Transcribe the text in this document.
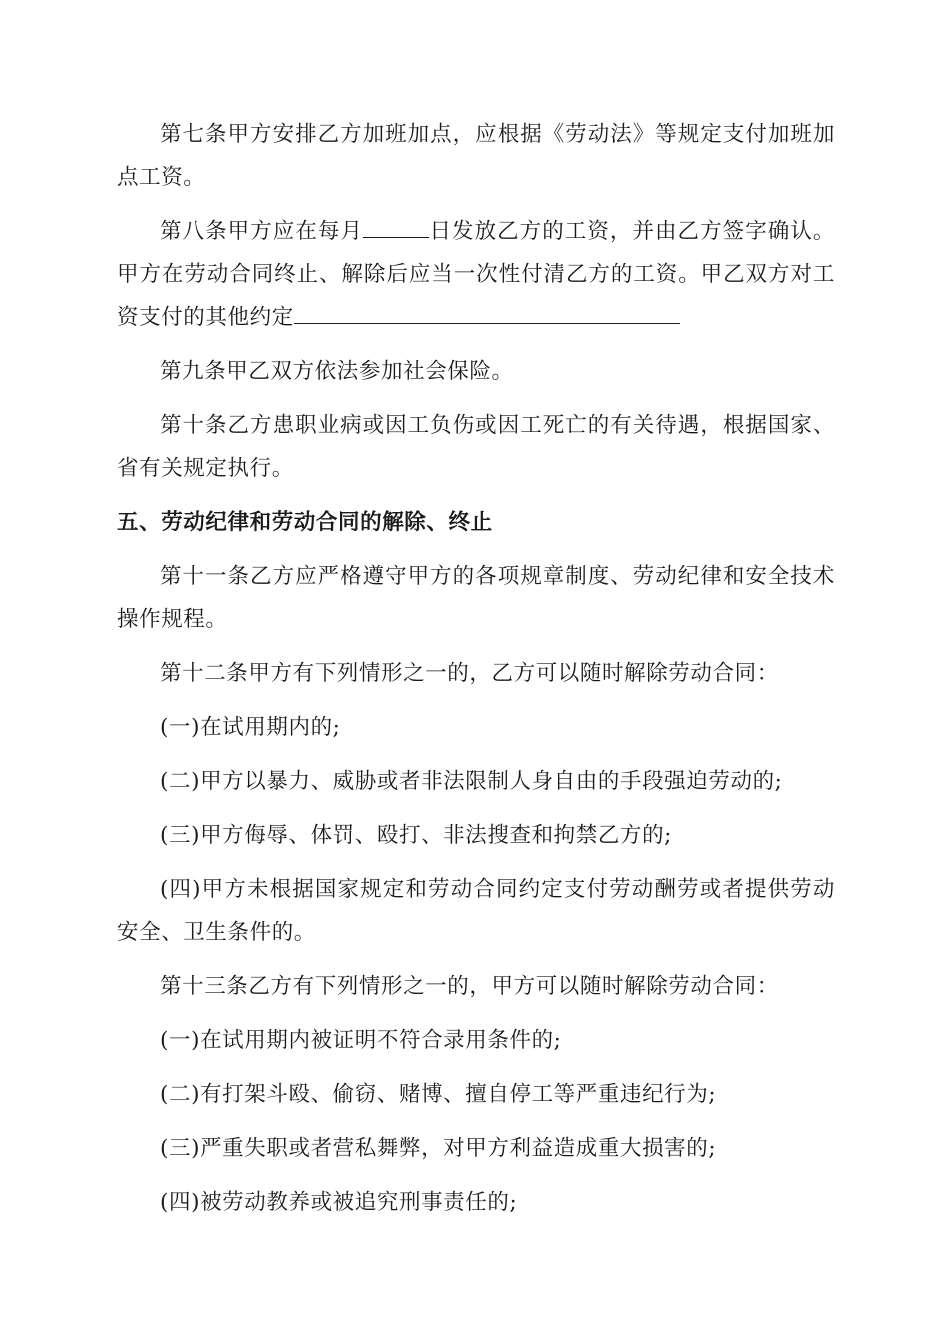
第七条甲方安排乙方加班加点，应根据《劳动法》等规定支付加班加点工资。

第八条甲方应在每月	日发放乙方的工资，并由乙方签字确认。甲方在劳动合同终止、解除后应当一次性付清乙方的工资。甲乙双方对工资支付的其他约定

第九条甲乙双方依法参加社会保险。

第十条乙方患职业病或因工负伤或因工死亡的有关待遇，根据国家、省有关规定执行。

五、劳动纪律和劳动合同的解除、终止

第十一条乙方应严格遵守甲方的各项规章制度、劳动纪律和安全技术操作规程。

第十二条甲方有下列情形之一的，乙方可以随时解除劳动合同：

(一)在试用期内的;

(二)甲方以暴力、威胁或者非法限制人身自由的手段强迫劳动的;

(三)甲方侮辱、体罚、殴打、非法搜查和拘禁乙方的;

(四)甲方未根据国家规定和劳动合同约定支付劳动酬劳或者提供劳动安全、卫生条件的。

第十三条乙方有下列情形之一的，甲方可以随时解除劳动合同：

(一)在试用期内被证明不符合录用条件的;

(二)有打架斗殴、偷窃、赌博、擅自停工等严重违纪行为;

(三)严重失职或者营私舞弊，对甲方利益造成重大损害的;

(四)被劳动教养或被追究刑事责任的;
